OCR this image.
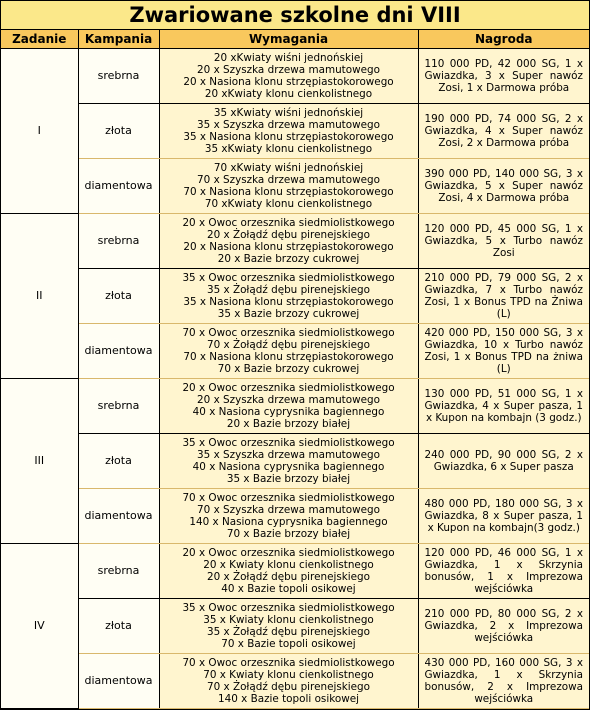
Zwariowane szkolne dni VIII
Zadanie	Kampania	Wymagania	Nagroda
I	srebrna	20 xKwiaty wiśni jednońskiej
20 x Szyszka drzewa mamutowego
20 x Nasiona klonu strzępiastokorowego
20 xKwiaty klonu cienkolistnego	110 000 PD, 42 000 SG, 1 x Gwiazdka, 3 x Super nawóz Zosi, 1 x Darmowa próba
	złota	35 xKwiaty wiśni jednońskiej
35 x Szyszka drzewa mamutowego
35 x Nasiona klonu strzępiastokorowego
35 xKwiaty klonu cienkolistnego	190 000 PD, 74 000 SG, 2 x Gwiazdka, 4 x Super nawóz Zosi, 2 x Darmowa próba
	diamentowa	70 xKwiaty wiśni jednońskiej
70 x Szyszka drzewa mamutowego
70 x Nasiona klonu strzępiastokorowego
70 xKwiaty klonu cienkolistnego	390 000 PD, 140 000 SG, 3 x Gwiazdka, 5 x Super nawóz Zosi, 4 x Darmowa próba
II	srebrna	20 x Owoc orzesznika siedmiolistkowego
20 x Żołądź dębu pirenejskiego
20 x Nasiona klonu strzępiastokorowego
20 x Bazie brzozy cukrowej	120 000 PD, 45 000 SG, 1 x Gwiazdka, 5 x Turbo nawóz Zosi
	złota	35 x Owoc orzesznika siedmiolistkowego
35 x Żołądź dębu pirenejskiego
35 x Nasiona klonu strzępiastokorowego
35 x Bazie brzozy cukrowej	210 000 PD, 79 000 SG, 2 x Gwiazdka, 7 x Turbo nawóz Zosi, 1 x Bonus TPD na Żniwa (L)
	diamentowa	70 x Owoc orzesznika siedmiolistkowego
70 x Żołądź dębu pirenejskiego
70 x Nasiona klonu strzępiastokorowego
70 x Bazie brzozy cukrowej	420 000 PD, 150 000 SG, 3 x Gwiazdka, 10 x Turbo nawóz Zosi, 1 x Bonus TPD na żniwa (L)
III	srebrna	20 x Owoc orzesznika siedmiolistkowego
20 x Szyszka drzewa mamutowego
40 x Nasiona cyprysnika bagiennego
20 x Bazie brzozy białej	130 000 PD, 51 000 SG, 1 x Gwiazdka, 4 x Super pasza, 1 x Kupon na kombajn (3 godz.)
	złota	35 x Owoc orzesznika siedmiolistkowego
35 x Szyszka drzewa mamutowego
40 x Nasiona cyprysnika bagiennego
35 x Bazie brzozy białej	240 000 PD, 90 000 SG, 2 x Gwiazdka, 6 x Super pasza
	diamentowa	70 x Owoc orzesznika siedmiolistkowego
70 x Szyszka drzewa mamutowego
140 x Nasiona cyprysnika bagiennego
70 x Bazie brzozy białej	480 000 PD, 180 000 SG, 3 x Gwiazdka, 8 x Super pasza, 1 x Kupon na kombajn(3 godz.)
IV	srebrna	20 x Owoc orzesznika siedmiolistkowego
20 x Kwiaty klonu cienkolistnego
20 x Żołądź dębu pirenejskiego
40 x Bazie topoli osikowej	120 000 PD, 46 000 SG, 1 x Gwiazdka, 1 x Skrzynia bonusów, 1 x Imprezowa wejściówka
	złota	35 x Owoc orzesznika siedmiolistkowego
35 x Kwiaty klonu cienkolistnego
35 x Żołądź dębu pirenejskiego
70 x Bazie topoli osikowej	210 000 PD, 80 000 SG, 2 x Gwiazdka, 2 x Imprezowa wejściówka
	diamentowa	70 x Owoc orzesznika siedmiolistkowego
70 x Kwiaty klonu cienkolistnego
70 x Żołądź dębu pirenejskiego
140 x Bazie topoli osikowej	430 000 PD, 160 000 SG, 3 x Gwiazdka, 1 x Skrzynia bonusów, 2 x Imprezowa wejściówka
